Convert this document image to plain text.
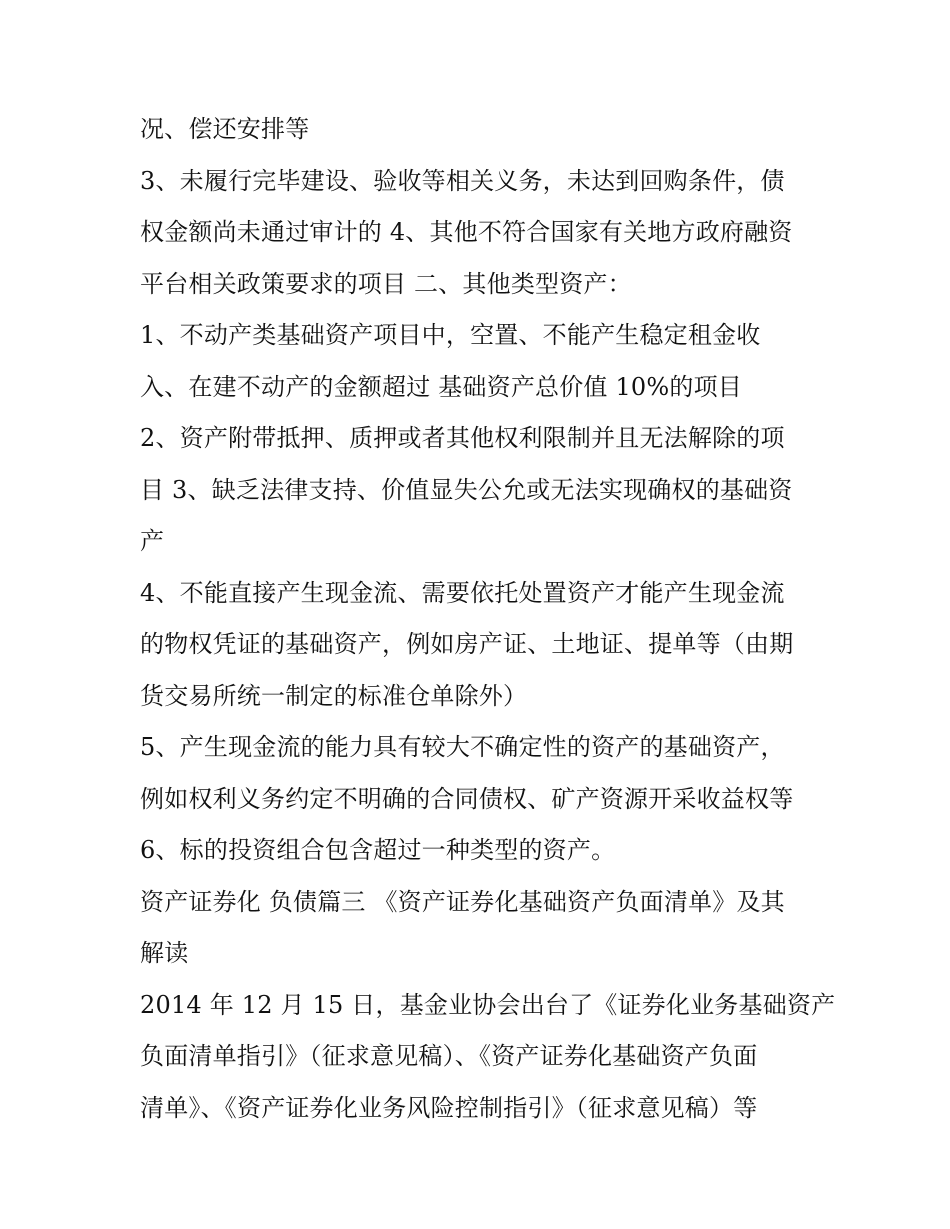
况、偿还安排等
3、未履行完毕建设、验收等相关义务，未达到回购条件，债
权金额尚未通过审计的 4、其他不符合国家有关地方政府融资
平台相关政策要求的项目 二、其他类型资产：
1、不动产类基础资产项目中，空置、不能产生稳定租金收
入、在建不动产的金额超过 基础资产总价值 10%的项目
2、资产附带抵押、质押或者其他权利限制并且无法解除的项
目 3、缺乏法律支持、价值显失公允或无法实现确权的基础资
产
4、不能直接产生现金流、需要依托处置资产才能产生现金流
的物权凭证的基础资产，例如房产证、土地证、提单等（由期
货交易所统一制定的标准仓单除外）
5、产生现金流的能力具有较大不确定性的资产的基础资产，
例如权利义务约定不明确的合同债权、矿产资源开采收益权等
6、标的投资组合包含超过一种类型的资产。
资产证券化 负债篇三 《资产证券化基础资产负面清单》及其
解读
2014 年 12 月 15 日，基金业协会出台了《证券化业务基础资产
负面清单指引》（征求意见稿）、《资产证券化基础资产负面
清单》、《资产证券化业务风险控制指引》（征求意见稿）等
